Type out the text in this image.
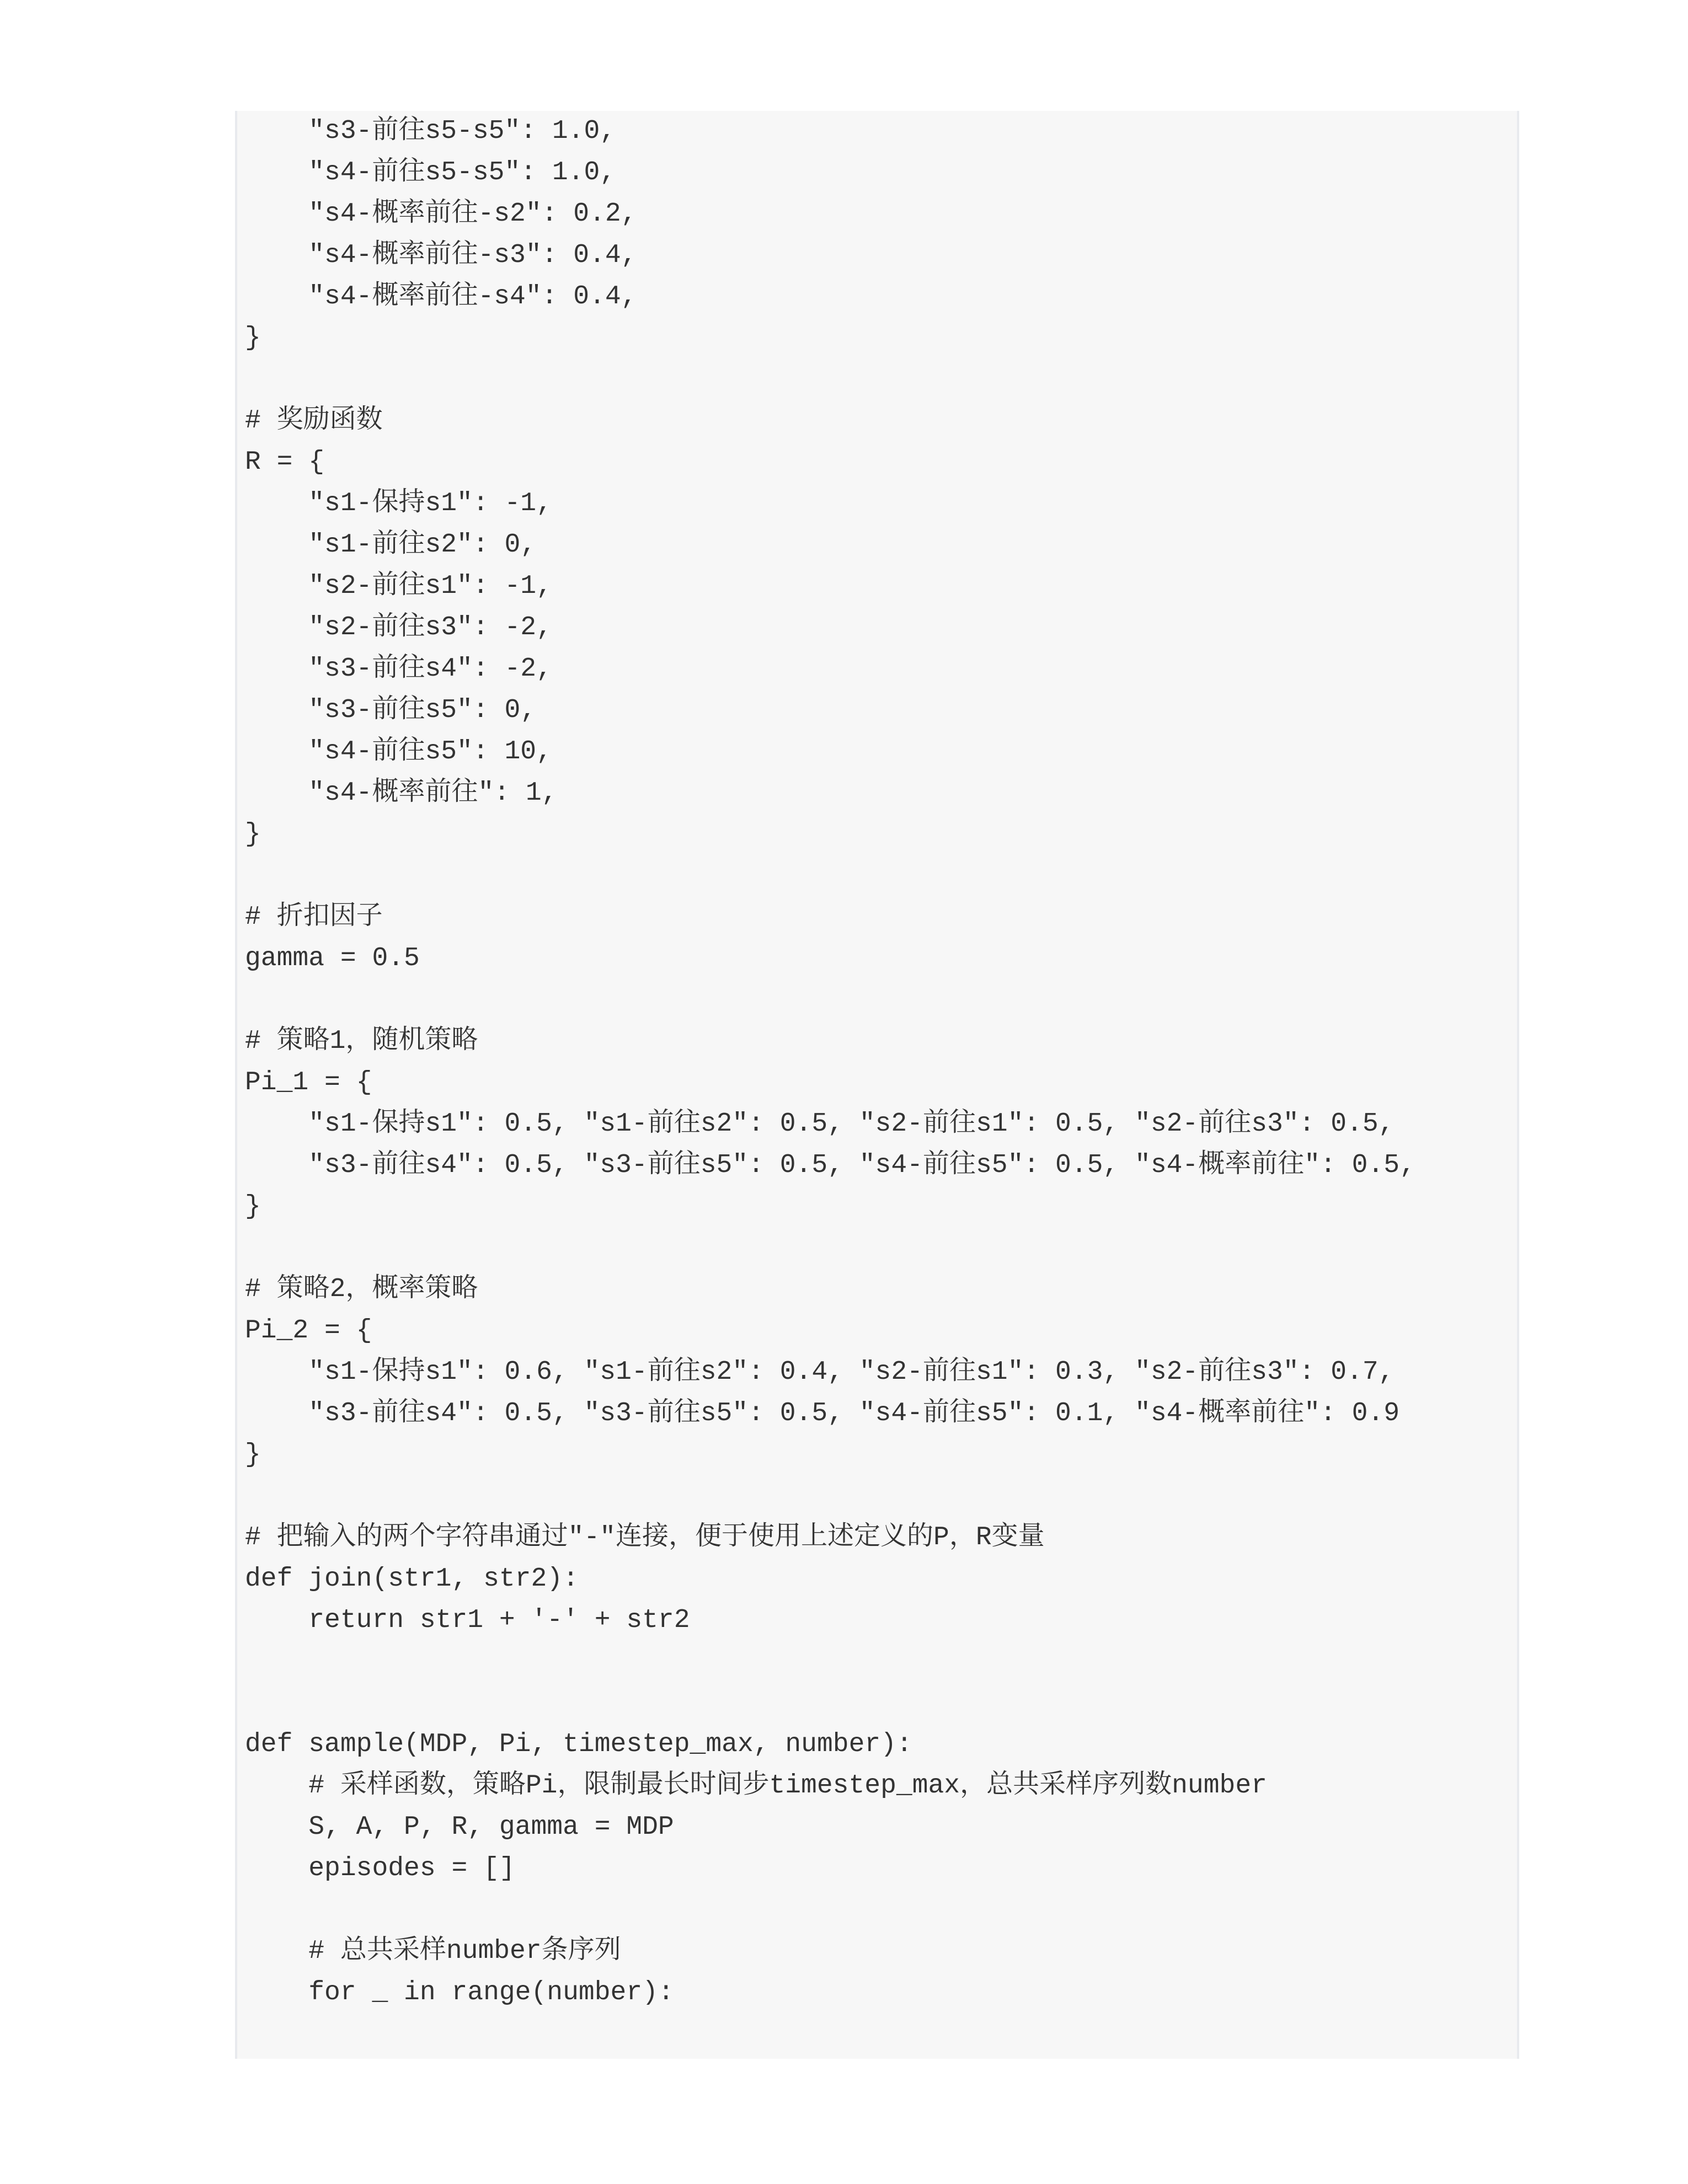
"s3-前往s5-s5": 1.0,
"s4-前往s5-s5": 1.0,
"s4-概率前往-s2": 0.2,
"s4-概率前往-s3": 0.4,
"s4-概率前往-s4": 0.4,
}
# 奖励函数
R = {
"s1-保持s1": -1,
"s1-前往s2": 0,
"s2-前往s1": -1,
"s2-前往s3": -2,
"s3-前往s4": -2,
"s3-前往s5": 0,
"s4-前往s5": 10,
"s4-概率前往": 1,
}
# 折扣因子
gamma = 0.5
# 策略1，随机策略
Pi_1 = {
"s1-保持s1": 0.5, "s1-前往s2": 0.5, "s2-前往s1": 0.5, "s2-前往s3": 0.5,
"s3-前往s4": 0.5, "s3-前往s5": 0.5, "s4-前往s5": 0.5, "s4-概率前往": 0.5,
}
# 策略2，概率策略
Pi_2 = {
"s1-保持s1": 0.6, "s1-前往s2": 0.4, "s2-前往s1": 0.3, "s2-前往s3": 0.7,
"s3-前往s4": 0.5, "s3-前往s5": 0.5, "s4-前往s5": 0.1, "s4-概率前往": 0.9
}
# 把输入的两个字符串通过"-"连接，便于使用上述定义的P，R变量
def join(str1, str2):
return str1 + '-' + str2
def sample(MDP, Pi, timestep_max, number):
# 采样函数，策略Pi，限制最长时间步timestep_max，总共采样序列数number
S, A, P, R, gamma = MDP
episodes = []
# 总共采样number条序列
for _ in range(number):
